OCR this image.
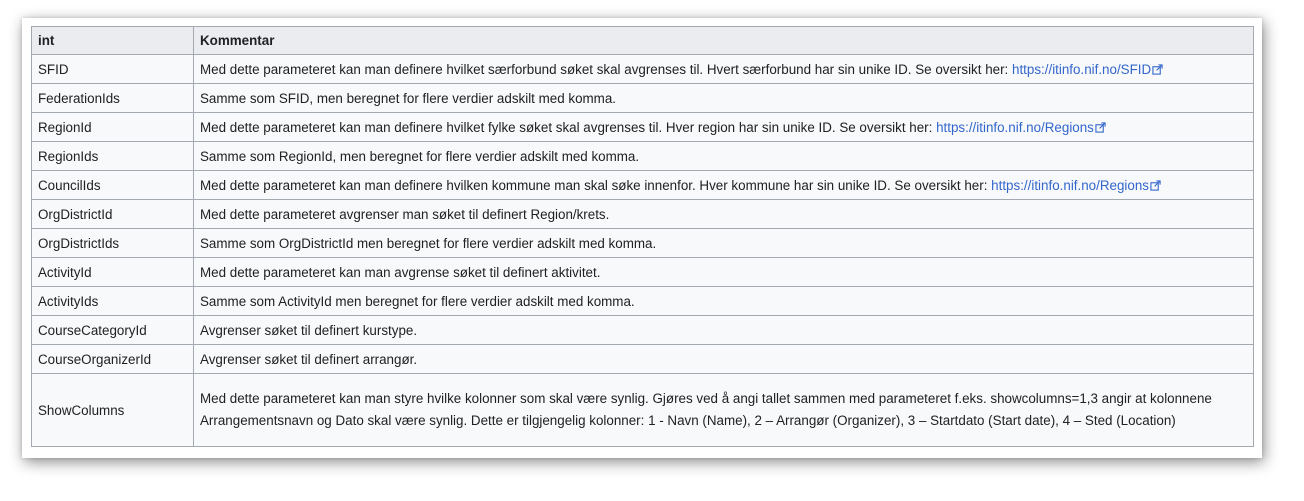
int	Kommentar
SFID	Med dette parameteret kan man definere hvilket særforbund søket skal avgrenses til. Hvert særforbund har sin unike ID. Se oversikt her: https://itinfo.nif.no/SFID
FederationIds	Samme som SFID, men beregnet for flere verdier adskilt med komma.
RegionId	Med dette parameteret kan man definere hvilket fylke søket skal avgrenses til. Hver region har sin unike ID. Se oversikt her: https://itinfo.nif.no/Regions
RegionIds	Samme som RegionId, men beregnet for flere verdier adskilt med komma.
CouncilIds	Med dette parameteret kan man definere hvilken kommune man skal søke innenfor. Hver kommune har sin unike ID. Se oversikt her: https://itinfo.nif.no/Regions
OrgDistrictId	Med dette parameteret avgrenser man søket til definert Region/krets.
OrgDistrictIds	Samme som OrgDistrictId men beregnet for flere verdier adskilt med komma.
ActivityId	Med dette parameteret kan man avgrense søket til definert aktivitet.
ActivityIds	Samme som ActivityId men beregnet for flere verdier adskilt med komma.
CourseCategoryId	Avgrenser søket til definert kurstype.
CourseOrganizerId	Avgrenser søket til definert arrangør.
ShowColumns	Med dette parameteret kan man styre hvilke kolonner som skal være synlig. Gjøres ved å angi tallet sammen med parameteret f.eks. showcolumns=1,3 angir at kolonnene Arrangementsnavn og Dato skal være synlig. Dette er tilgjengelig kolonner: 1 - Navn (Name), 2 – Arrangør (Organizer), 3 – Startdato (Start date), 4 – Sted (Location)
